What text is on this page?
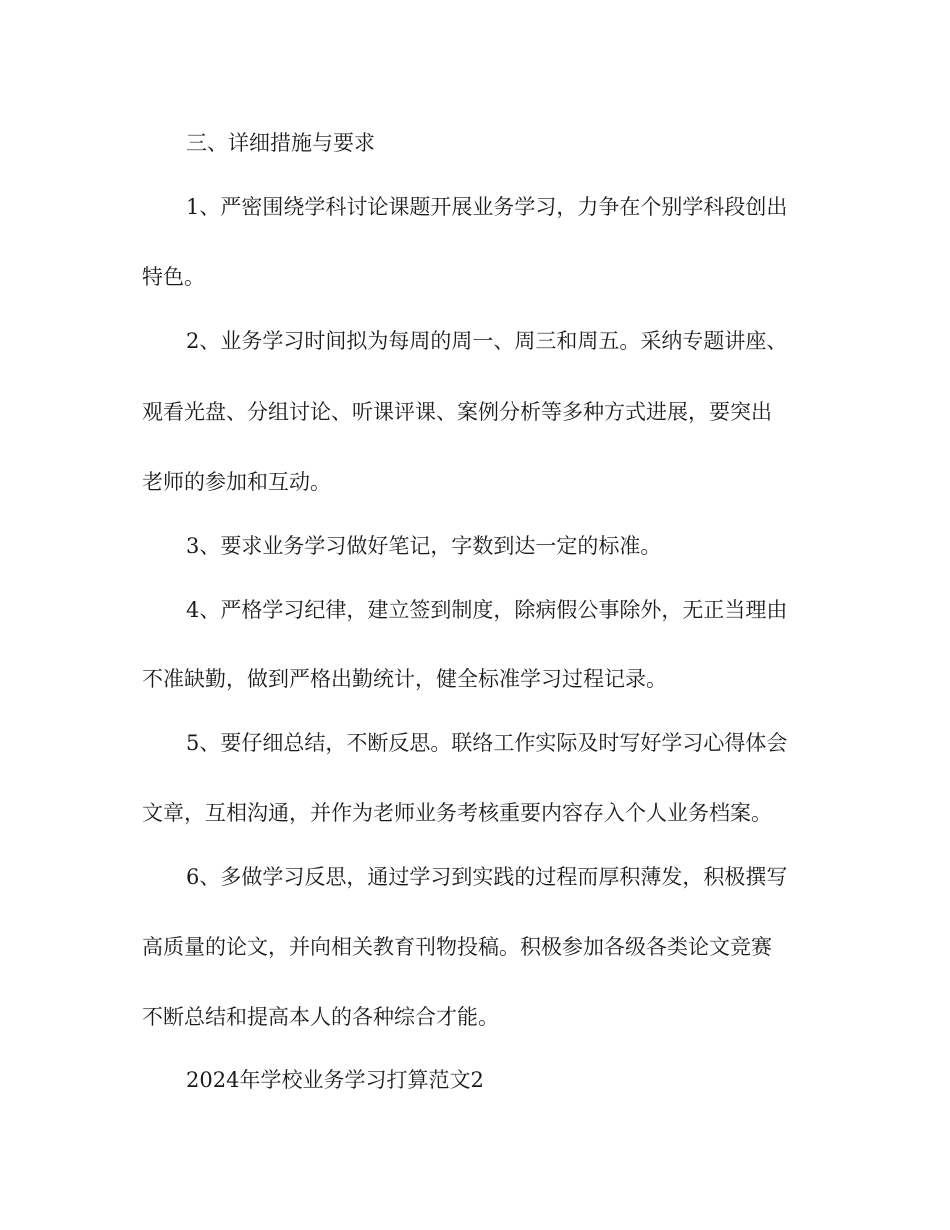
三、详细措施与要求
1、严密围绕学科讨论课题开展业务学习，力争在个别学科段创出
特色。
2、业务学习时间拟为每周的周一、周三和周五。采纳专题讲座、
观看光盘、分组讨论、听课评课、案例分析等多种方式进展，要突出
老师的参加和互动。
3、要求业务学习做好笔记，字数到达一定的标准。
4、严格学习纪律，建立签到制度，除病假公事除外，无正当理由
不准缺勤，做到严格出勤统计，健全标准学习过程记录。
5、要仔细总结，不断反思。联络工作实际及时写好学习心得体会
文章，互相沟通，并作为老师业务考核重要内容存入个人业务档案。
6、多做学习反思，通过学习到实践的过程而厚积薄发，积极撰写
高质量的论文，并向相关教育刊物投稿。积极参加各级各类论文竞赛
不断总结和提高本人的各种综合才能。
2024年学校业务学习打算范文2
